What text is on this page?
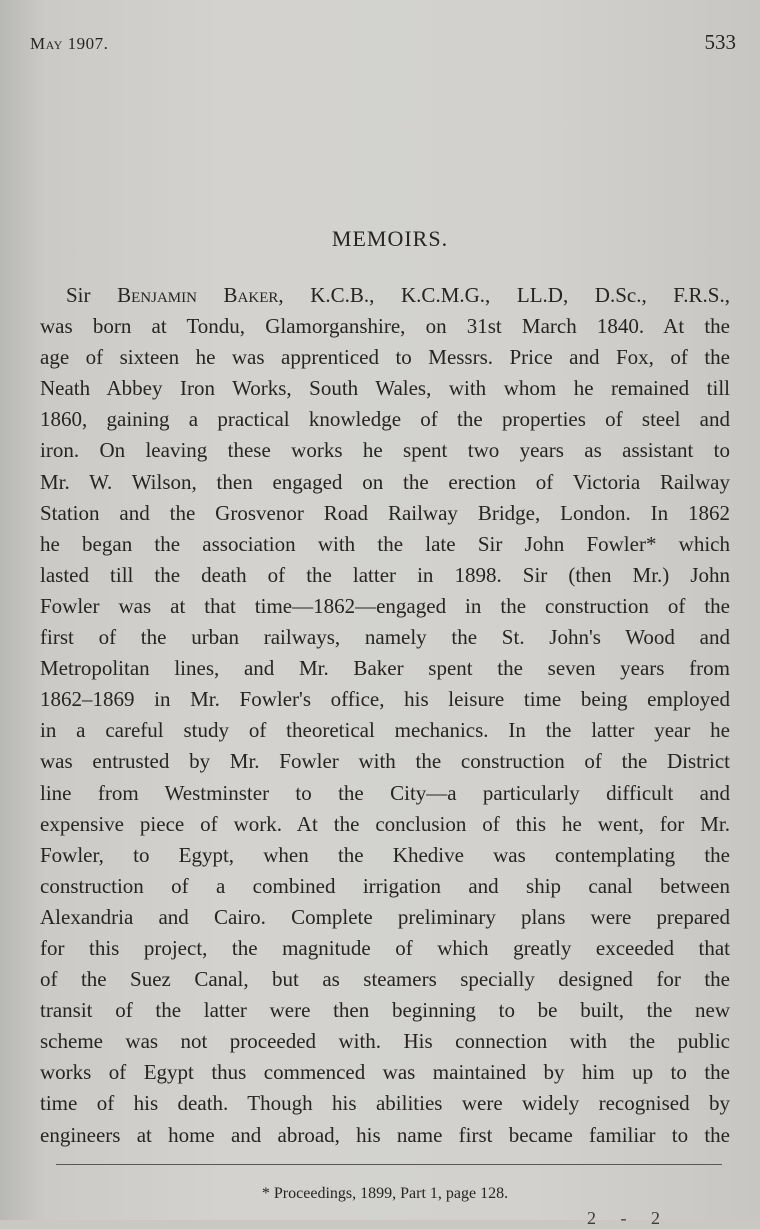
May 1907.	533
MEMOIRS.
Sir Benjamin Baker, K.C.B., K.C.M.G., LL.D, D.Sc., F.R.S.,
was born at Tondu, Glamorganshire, on 31st March 1840. At the
age of sixteen he was apprenticed to Messrs. Price and Fox, of the
Neath Abbey Iron Works, South Wales, with whom he remained till
1860, gaining a practical knowledge of the properties of steel and
iron. On leaving these works he spent two years as assistant to
Mr. W. Wilson, then engaged on the erection of Victoria Railway
Station and the Grosvenor Road Railway Bridge, London. In 1862
he began the association with the late Sir John Fowler* which
lasted till the death of the latter in 1898. Sir (then Mr.) John
Fowler was at that time—1862—engaged in the construction of the
first of the urban railways, namely the St. John's Wood and
Metropolitan lines, and Mr. Baker spent the seven years from
1862–1869 in Mr. Fowler's office, his leisure time being employed
in a careful study of theoretical mechanics. In the latter year he
was entrusted by Mr. Fowler with the construction of the District
line from Westminster to the City—a particularly difficult and
expensive piece of work. At the conclusion of this he went, for Mr.
Fowler, to Egypt, when the Khedive was contemplating the
construction of a combined irrigation and ship canal between
Alexandria and Cairo. Complete preliminary plans were prepared
for this project, the magnitude of which greatly exceeded that
of the Suez Canal, but as steamers specially designed for the
transit of the latter were then beginning to be built, the new
scheme was not proceeded with. His connection with the public
works of Egypt thus commenced was maintained by him up to the
time of his death. Though his abilities were widely recognised by
engineers at home and abroad, his name first became familiar to the
* Proceedings, 1899, Part 1, page 128.
2 - 2
